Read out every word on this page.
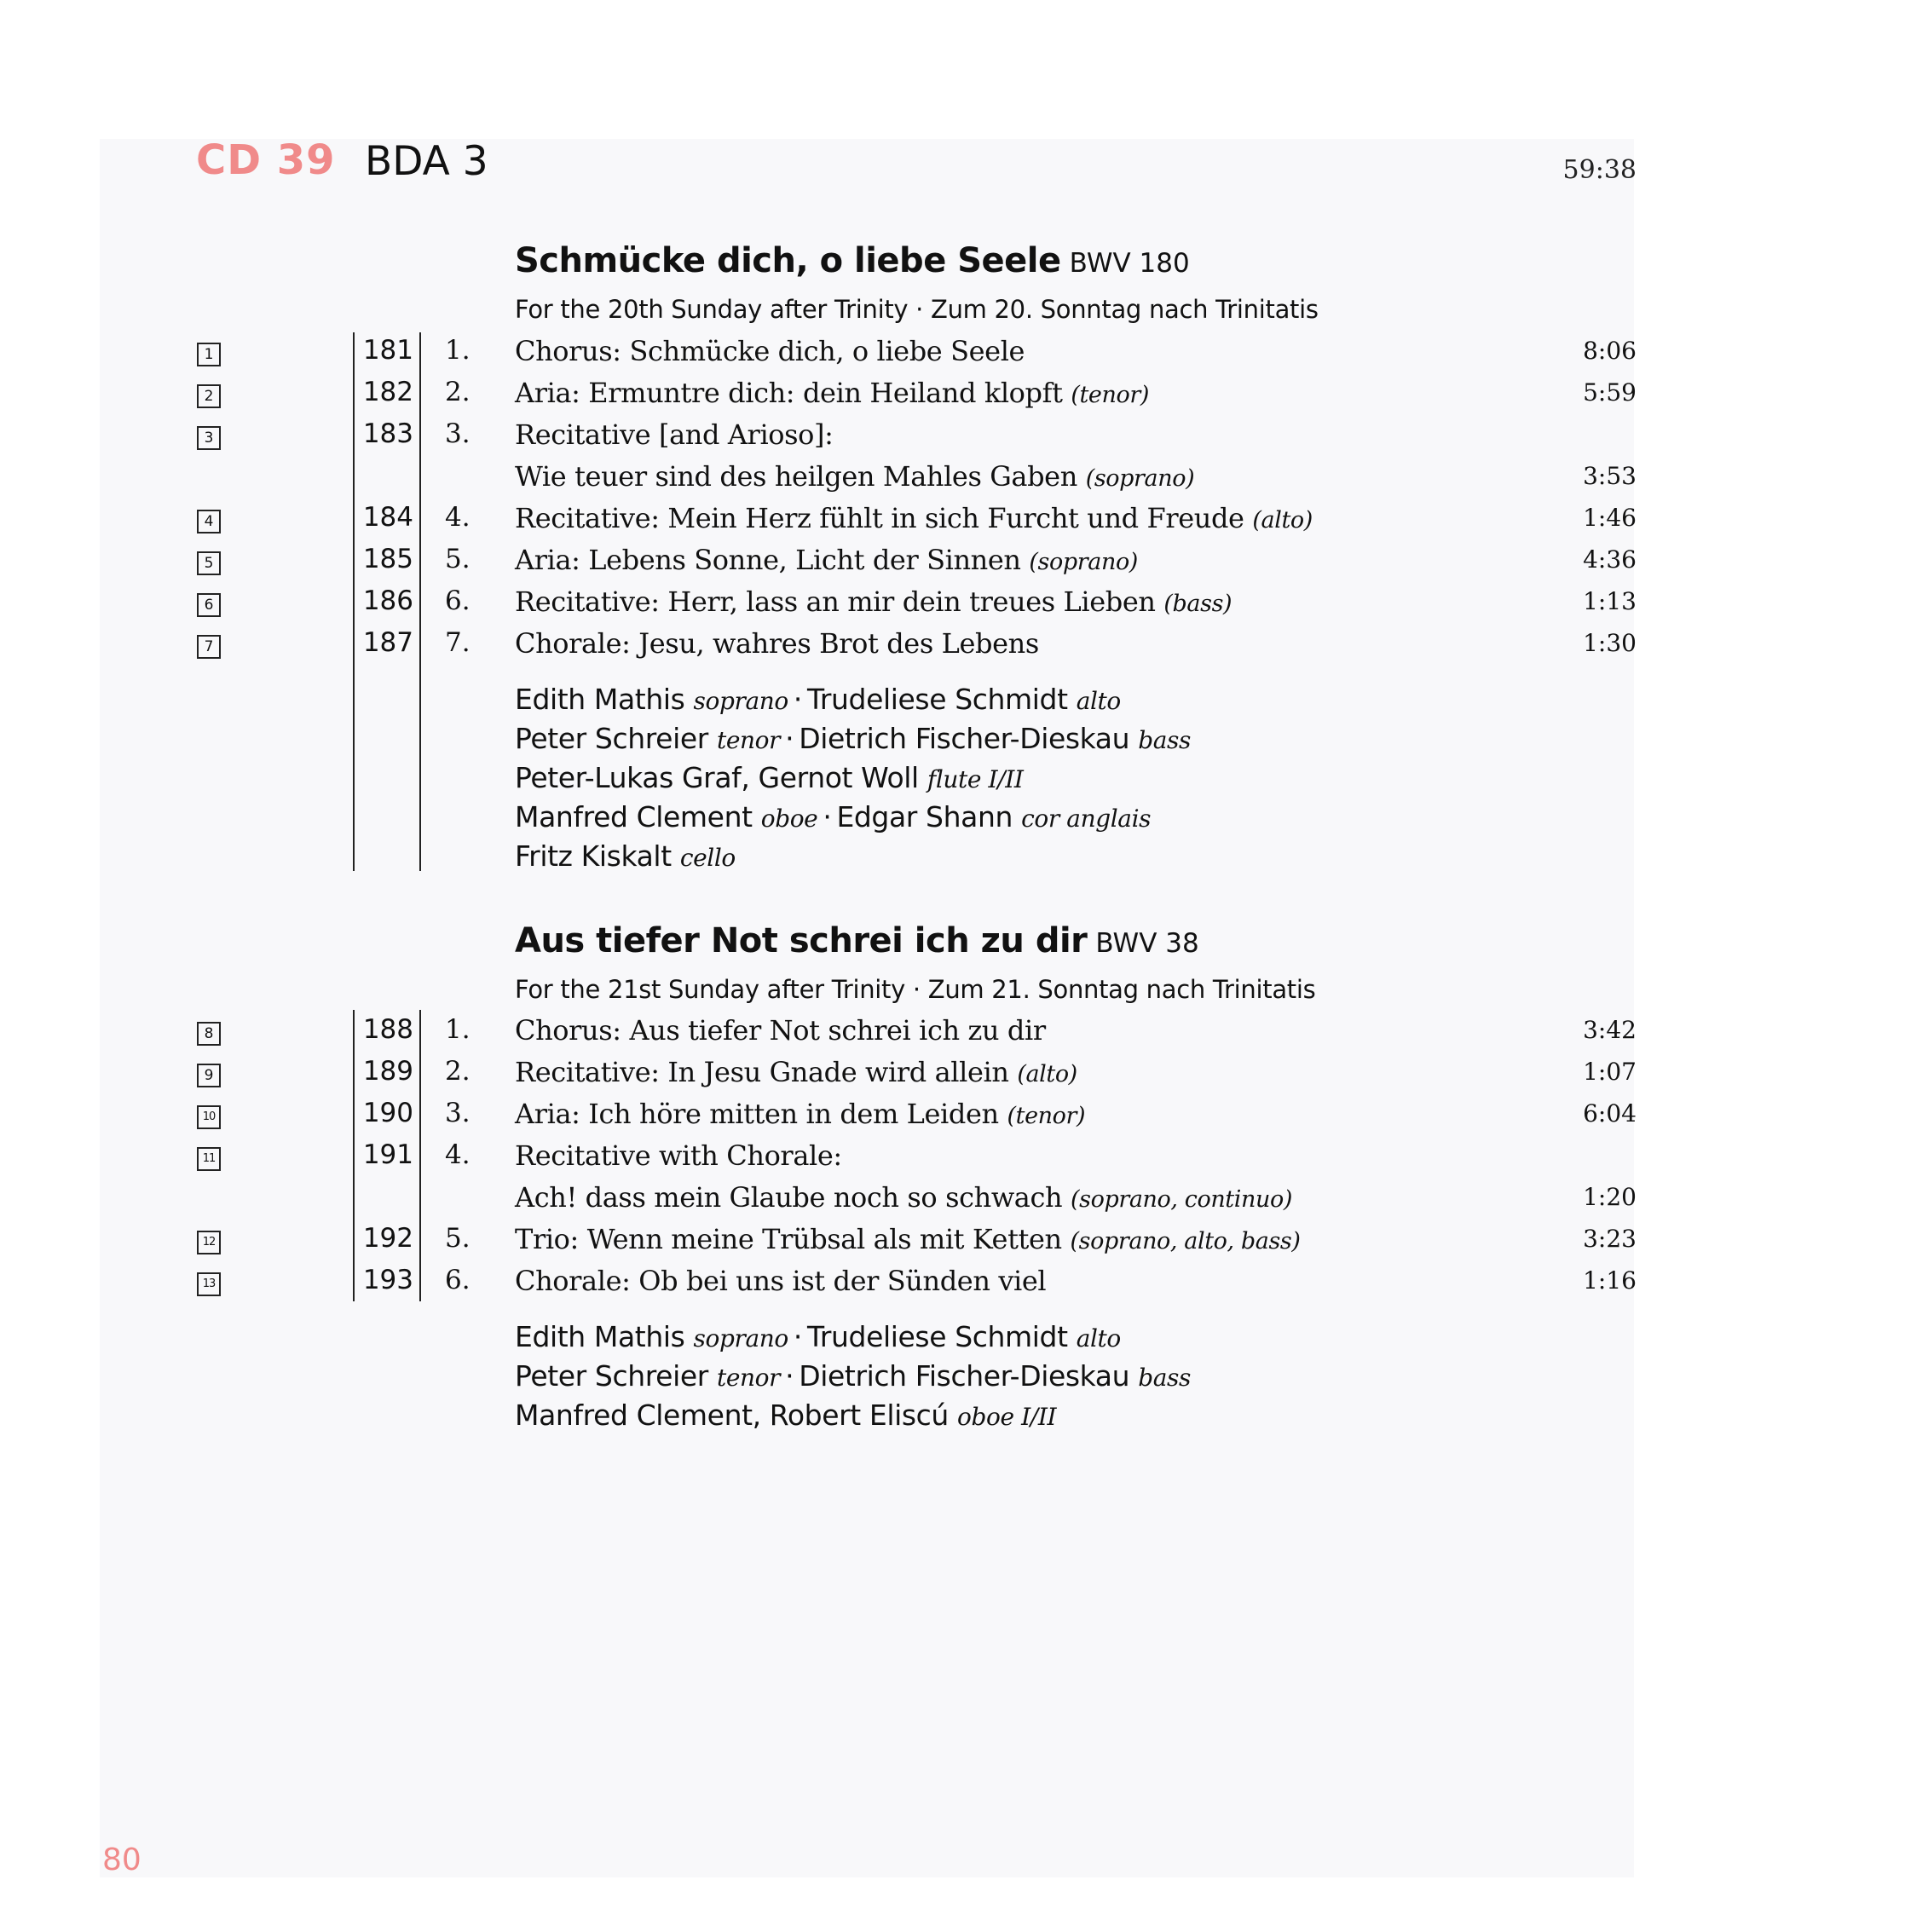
CD 39 BDA 3	59:38
Schmücke dich, o liebe Seele BWV 180
For the 20th Sunday after Trinity · Zum 20. Sonntag nach Trinitatis
1	181 1. Chorus: Schmücke dich, o liebe Seele	8:06
2	182 2. Aria: Ermuntre dich: dein Heiland klopft (tenor)	5:59
3	183 3. Recitative [and Arioso]:
Wie teuer sind des heilgen Mahles Gaben (soprano)	3:53
4	184 4. Recitative: Mein Herz fühlt in sich Furcht und Freude (alto)	1:46
5	185 5. Aria: Lebens Sonne, Licht der Sinnen (soprano)	4:36
6	186 6. Recitative: Herr, lass an mir dein treues Lieben (bass)	1:13
7	187 7. Chorale: Jesu, wahres Brot des Lebens	1:30
Edith Mathis soprano · Trudeliese Schmidt alto
Peter Schreier tenor · Dietrich Fischer-Dieskau bass
Peter-Lukas Graf, Gernot Woll flute I/II
Manfred Clement oboe · Edgar Shann cor anglais
Fritz Kiskalt cello
Aus tiefer Not schrei ich zu dir BWV 38
For the 21st Sunday after Trinity · Zum 21. Sonntag nach Trinitatis
8	188 1. Chorus: Aus tiefer Not schrei ich zu dir	3:42
9	189 2. Recitative: In Jesu Gnade wird allein (alto)	1:07
10	190 3. Aria: Ich höre mitten in dem Leiden (tenor)	6:04
11	191 4. Recitative with Chorale:
Ach! dass mein Glaube noch so schwach (soprano, continuo)	1:20
12	192 5. Trio: Wenn meine Trübsal als mit Ketten (soprano, alto, bass)	3:23
13	193 6. Chorale: Ob bei uns ist der Sünden viel	1:16
Edith Mathis soprano · Trudeliese Schmidt alto
Peter Schreier tenor · Dietrich Fischer-Dieskau bass
Manfred Clement, Robert Eliscú oboe I/II
80
